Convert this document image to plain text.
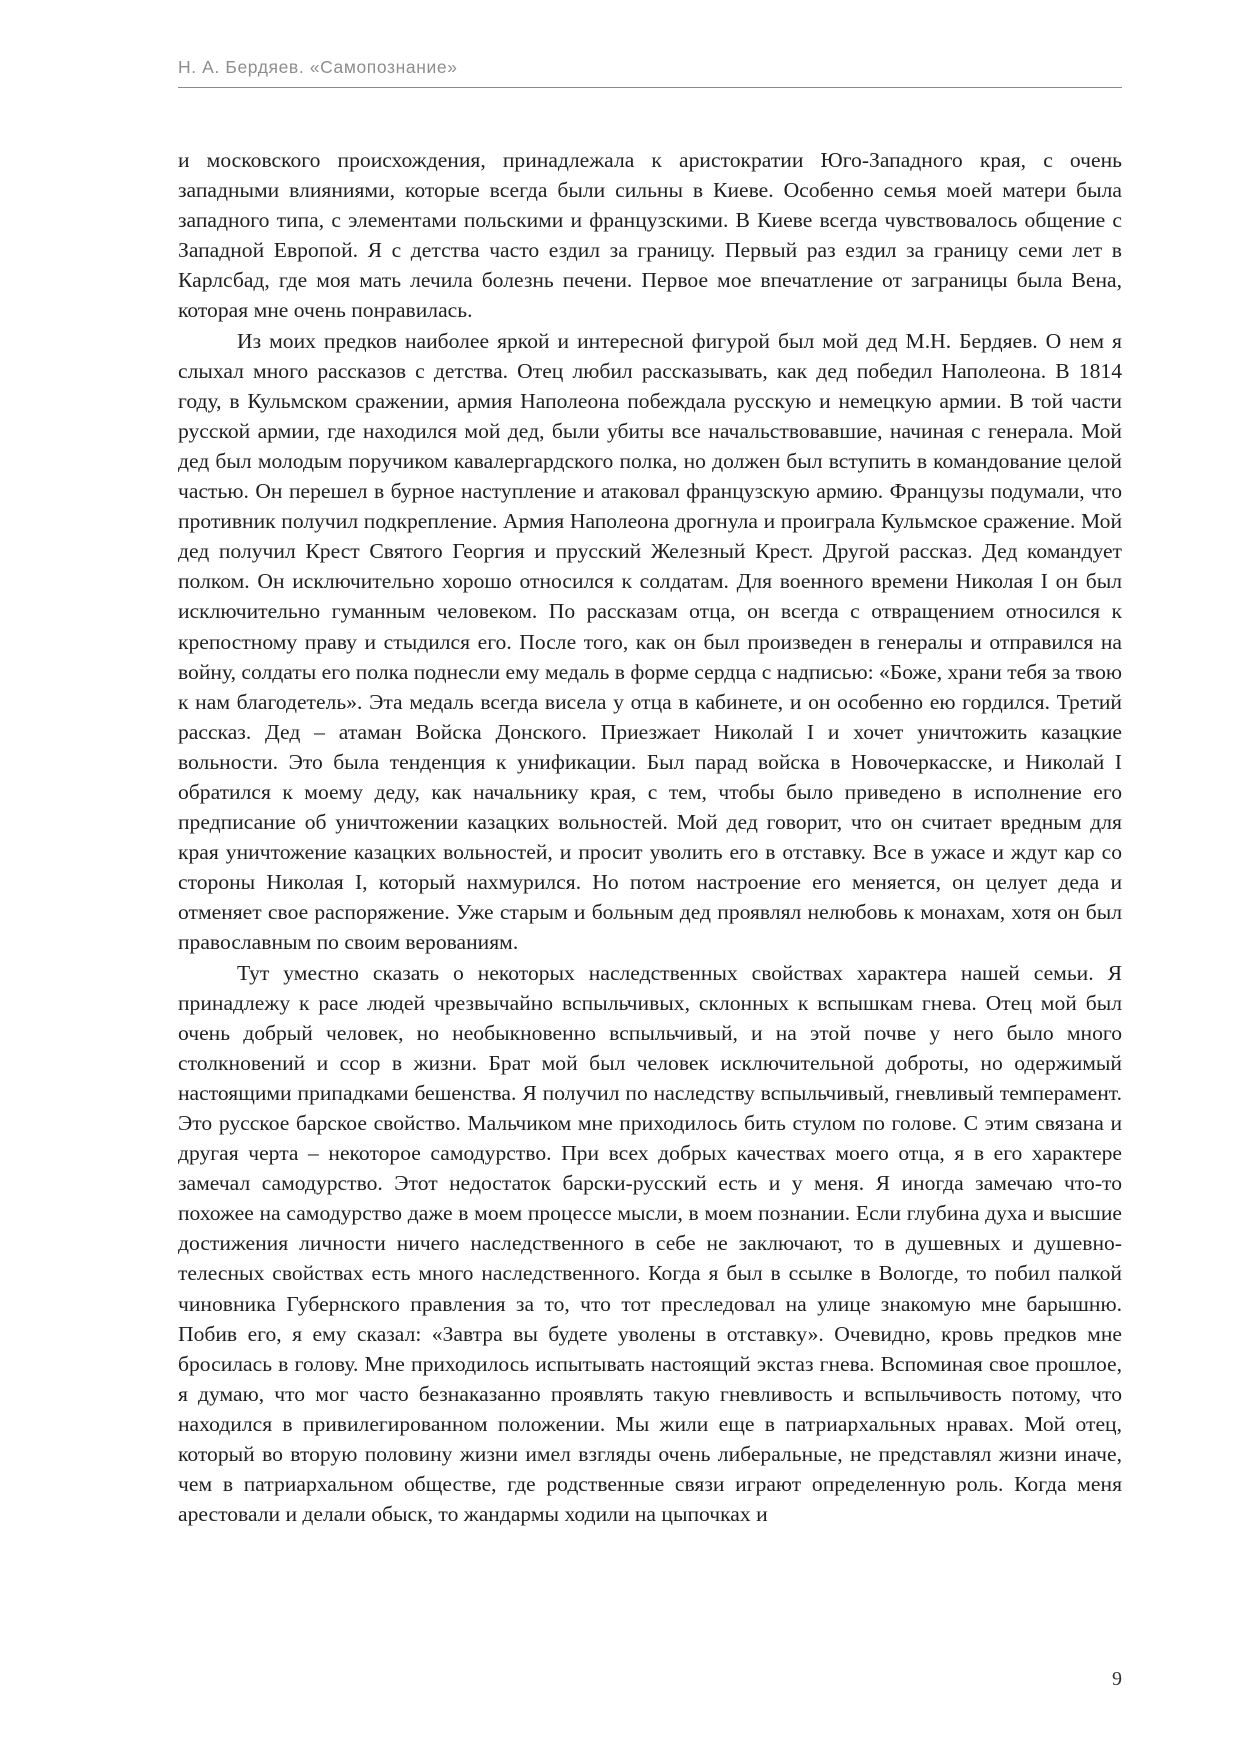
Н. А. Бердяев. «Самопознание»

и московского происхождения, принадлежала к аристократии Юго-Западного края, с очень западными влияниями, которые всегда были сильны в Киеве. Особенно семья моей матери была западного типа, с элементами польскими и французскими. В Киеве всегда чувствовалось общение с Западной Европой. Я с детства часто ездил за границу. Первый раз ездил за границу семи лет в Карлсбад, где моя мать лечила болезнь печени. Первое мое впечатление от заграницы была Вена, которая мне очень понравилась.

Из моих предков наиболее яркой и интересной фигурой был мой дед М.Н. Бердяев. О нем я слыхал много рассказов с детства. Отец любил рассказывать, как дед победил Наполеона. В 1814 году, в Кульмском сражении, армия Наполеона побеждала русскую и немецкую армии. В той части русской армии, где находился мой дед, были убиты все начальствовавшие, начиная с генерала. Мой дед был молодым поручиком кавалергардского полка, но должен был вступить в командование целой частью. Он перешел в бурное наступление и атаковал французскую армию. Французы подумали, что противник получил подкрепление. Армия Наполеона дрогнула и проиграла Кульмское сражение. Мой дед получил Крест Святого Георгия и прусский Железный Крест. Другой рассказ. Дед командует полком. Он исключительно хорошо относился к солдатам. Для военного времени Николая I он был исключительно гуманным человеком. По рассказам отца, он всегда с отвращением относился к крепостному праву и стыдился его. После того, как он был произведен в генералы и отправился на войну, солдаты его полка поднесли ему медаль в форме сердца с надписью: «Боже, храни тебя за твою к нам благодетель». Эта медаль всегда висела у отца в кабинете, и он особенно ею гордился. Третий рассказ. Дед – атаман Войска Донского. Приезжает Николай I и хочет уничтожить казацкие вольности. Это была тенденция к унификации. Был парад войска в Новочеркасске, и Николай I обратился к моему деду, как начальнику края, с тем, чтобы было приведено в исполнение его предписание об уничтожении казацких вольностей. Мой дед говорит, что он считает вредным для края уничтожение казацких вольностей, и просит уволить его в отставку. Все в ужасе и ждут кар со стороны Николая I, который нахмурился. Но потом настроение его меняется, он целует деда и отменяет свое распоряжение. Уже старым и больным дед проявлял нелюбовь к монахам, хотя он был православным по своим верованиям.

Тут уместно сказать о некоторых наследственных свойствах характера нашей семьи. Я принадлежу к расе людей чрезвычайно вспыльчивых, склонных к вспышкам гнева. Отец мой был очень добрый человек, но необыкновенно вспыльчивый, и на этой почве у него было много столкновений и ссор в жизни. Брат мой был человек исключительной доброты, но одержимый настоящими припадками бешенства. Я получил по наследству вспыльчивый, гневливый темперамент. Это русское барское свойство. Мальчиком мне приходилось бить стулом по голове. С этим связана и другая черта – некоторое самодурство. При всех добрых качествах моего отца, я в его характере замечал самодурство. Этот недостаток барски-русский есть и у меня. Я иногда замечаю что-то похожее на самодурство даже в моем процессе мысли, в моем познании. Если глубина духа и высшие достижения личности ничего наследственного в себе не заключают, то в душевных и душевно-телесных свойствах есть много наследственного. Когда я был в ссылке в Вологде, то побил палкой чиновника Губернского правления за то, что тот преследовал на улице знакомую мне барышню. Побив его, я ему сказал: «Завтра вы будете уволены в отставку». Очевидно, кровь предков мне бросилась в голову. Мне приходилось испытывать настоящий экстаз гнева. Вспоминая свое прошлое, я думаю, что мог часто безнаказанно проявлять такую гневливость и вспыльчивость потому, что находился в привилегированном положении. Мы жили еще в патриархальных нравах. Мой отец, который во вторую половину жизни имел взгляды очень либеральные, не представлял жизни иначе, чем в патриархальном обществе, где родственные связи играют определенную роль. Когда меня арестовали и делали обыск, то жандармы ходили на цыпочках и

9
